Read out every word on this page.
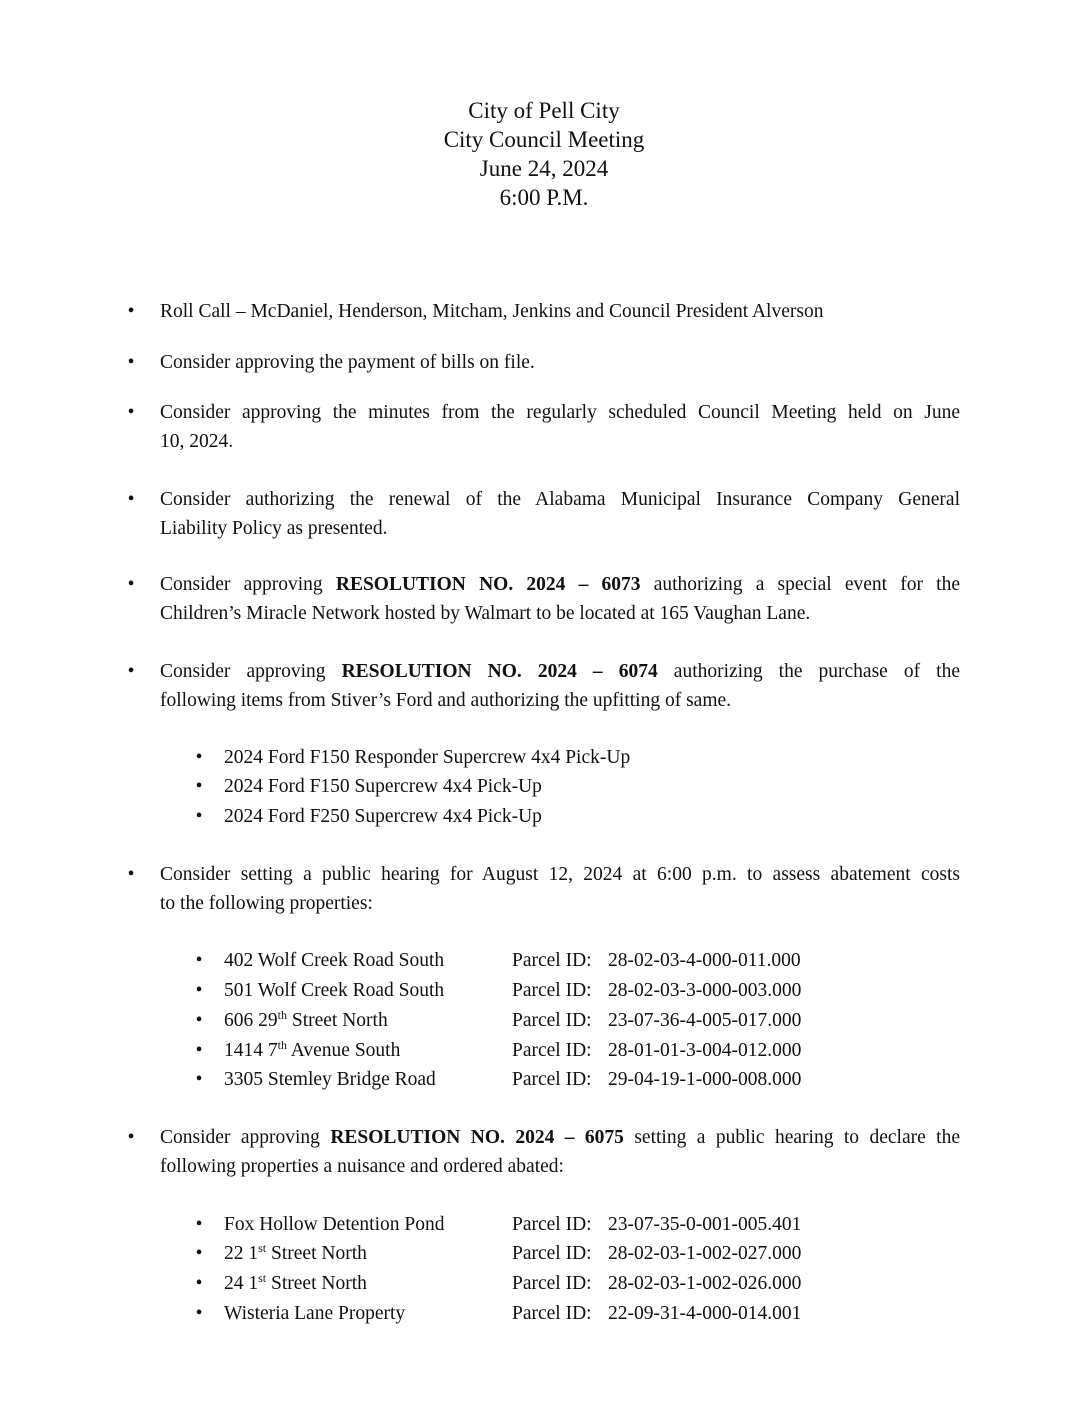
City of Pell City
City Council Meeting
June 24, 2024
6:00 P.M.
• Roll Call – McDaniel, Henderson, Mitcham, Jenkins and Council President Alverson
• Consider approving the payment of bills on file.
• Consider approving the minutes from the regularly scheduled Council Meeting held on June
10, 2024.
• Consider authorizing the renewal of the Alabama Municipal Insurance Company General
Liability Policy as presented.
• Consider approving RESOLUTION NO. 2024 – 6073 authorizing a special event for the
Children’s Miracle Network hosted by Walmart to be located at 165 Vaughan Lane.
• Consider approving RESOLUTION NO. 2024 – 6074 authorizing the purchase of the
following items from Stiver’s Ford and authorizing the upfitting of same.
• 2024 Ford F150 Responder Supercrew 4x4 Pick-Up
• 2024 Ford F150 Supercrew 4x4 Pick-Up
• 2024 Ford F250 Supercrew 4x4 Pick-Up
• Consider setting a public hearing for August 12, 2024 at 6:00 p.m. to assess abatement costs
to the following properties:
• 402 Wolf Creek Road South	Parcel ID: 28-02-03-4-000-011.000
• 501 Wolf Creek Road South	Parcel ID: 28-02-03-3-000-003.000
• 606 29th Street North	Parcel ID: 23-07-36-4-005-017.000
• 1414 7th Avenue South	Parcel ID: 28-01-01-3-004-012.000
• 3305 Stemley Bridge Road	Parcel ID: 29-04-19-1-000-008.000
• Consider approving RESOLUTION NO. 2024 – 6075 setting a public hearing to declare the
following properties a nuisance and ordered abated:
• Fox Hollow Detention Pond	Parcel ID: 23-07-35-0-001-005.401
• 22 1st Street North	Parcel ID: 28-02-03-1-002-027.000
• 24 1st Street North	Parcel ID: 28-02-03-1-002-026.000
• Wisteria Lane Property	Parcel ID: 22-09-31-4-000-014.001
